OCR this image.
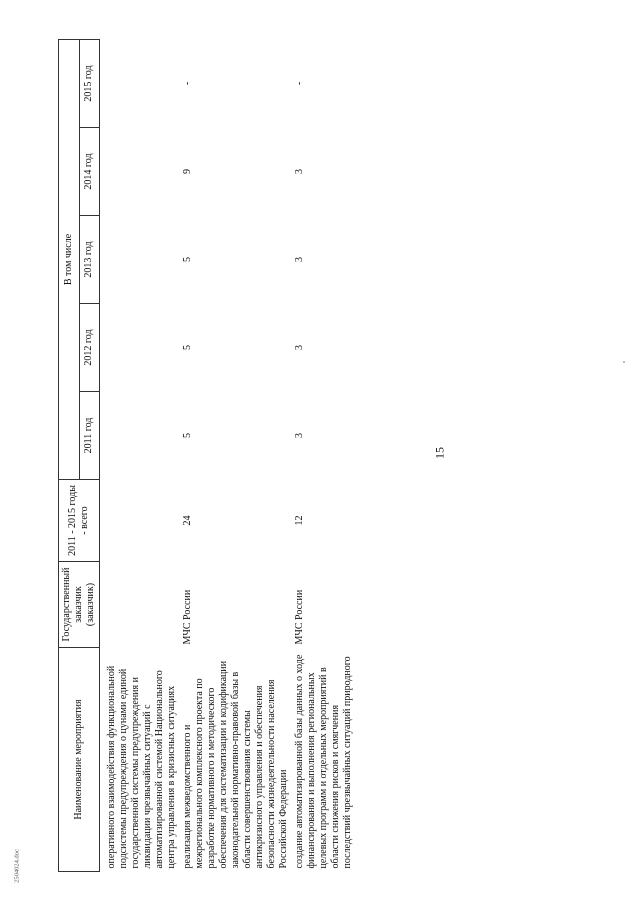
15
2504024.doc
Наименование мероприятия	Государственный заказчик (заказчик)	2011 - 2015 годы - всего	В том числе				
			2011 год	2012 год	2013 год	2014 год	2015 год
оперативного взаимодействия функциональной подсистемы предупреждения о цунами единой государственной системы предупреждения и ликвидации чрезвычайных ситуаций с автоматизированной системой Национального центра управления в кризисных ситуациях							
реализация межведомственного и межрегионального комплексного проекта по разработке нормативного и методического обеспечения для систематизации и кодификации законодательной нормативно-правовой базы в области совершенствования системы антикризисного управления и обеспечения безопасности жизнедеятельности населения Российской Федерации	МЧС России	24	5	5	5	9	-
создание автоматизированной базы данных о ходе финансирования и выполнения региональных целевых программ и отдельных мероприятий в области снижения рисков и смягчения последствий чрезвычайных ситуаций природного	МЧС России	12	3	3	3	3	-
